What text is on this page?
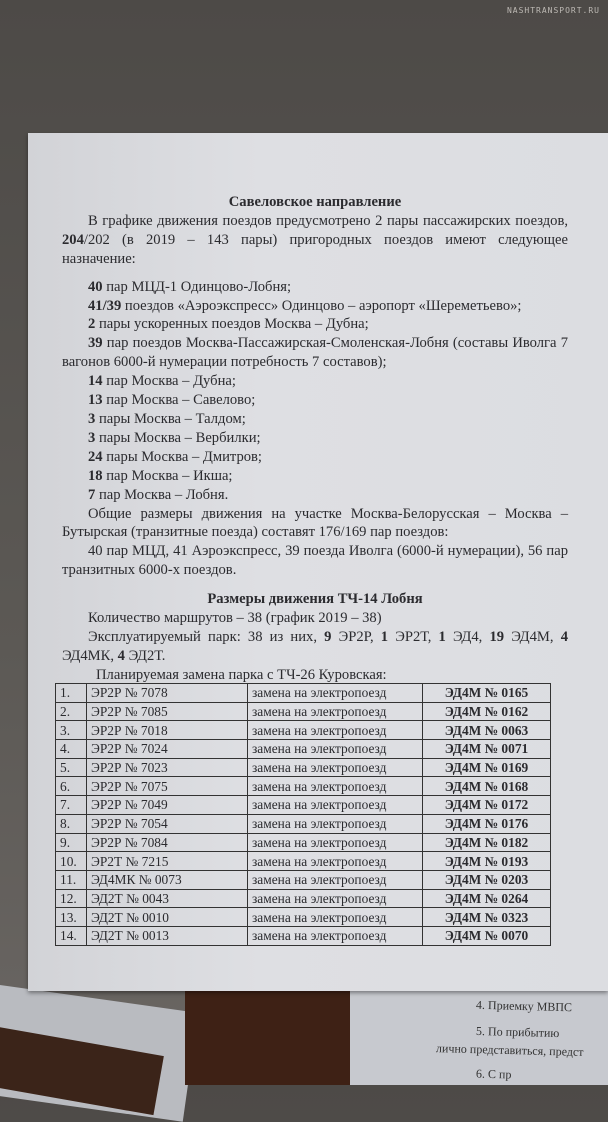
NASHTRANSPORT.RU

4. Приемку МВПС

5. По прибытию

лично представиться, предст

6. С пр

Савеловское направление
В графике движения поездов предусмотрено 2 пары пассажирских поездов, 204/202 (в 2019 – 143 пары) пригородных поездов имеют следующее назначение:
40 пар МЦД-1 Одинцово-Лобня;
41/39 поездов «Аэроэкспресс» Одинцово – аэропорт «Шереметьево»;
2 пары ускоренных поездов Москва – Дубна;
39 пар поездов Москва-Пассажирская-Смоленская-Лобня (составы Иволга 7 вагонов 6000-й нумерации потребность 7 составов);
14 пар Москва – Дубна;
13 пар Москва – Савелово;
3 пары Москва – Талдом;
3 пары Москва – Вербилки;
24 пары Москва – Дмитров;
18 пар Москва – Икша;
7 пар Москва – Лобня.
Общие размеры движения на участке Москва-Белорусская – Москва – Бутырская (транзитные поезда) составят 176/169 пар поездов:
40 пар МЦД, 41 Аэроэкспресс, 39 поезда Иволга (6000-й нумерации), 56 пар транзитных 6000-х поездов.
Размеры движения ТЧ-14 Лобня
Количество маршрутов – 38 (график 2019 – 38)
Эксплуатируемый парк: 38 из них, 9 ЭР2Р, 1 ЭР2Т, 1 ЭД4, 19 ЭД4М, 4 ЭД4МК, 4 ЭД2Т.
Планируемая замена парка с ТЧ-26 Куровская:
1.	ЭР2Р № 7078	замена на электропоезд	ЭД4М № 0165
2.	ЭР2Р № 7085	замена на электропоезд	ЭД4М № 0162
3.	ЭР2Р № 7018	замена на электропоезд	ЭД4М № 0063
4.	ЭР2Р № 7024	замена на электропоезд	ЭД4М № 0071
5.	ЭР2Р № 7023	замена на электропоезд	ЭД4М № 0169
6.	ЭР2Р № 7075	замена на электропоезд	ЭД4М № 0168
7.	ЭР2Р № 7049	замена на электропоезд	ЭД4М № 0172
8.	ЭР2Р № 7054	замена на электропоезд	ЭД4М № 0176
9.	ЭР2Р № 7084	замена на электропоезд	ЭД4М № 0182
10.	ЭР2Т № 7215	замена на электропоезд	ЭД4М № 0193
11.	ЭД4МК № 0073	замена на электропоезд	ЭД4М № 0203
12.	ЭД2Т № 0043	замена на электропоезд	ЭД4М № 0264
13.	ЭД2Т № 0010	замена на электропоезд	ЭД4М № 0323
14.	ЭД2Т № 0013	замена на электропоезд	ЭД4М № 0070
